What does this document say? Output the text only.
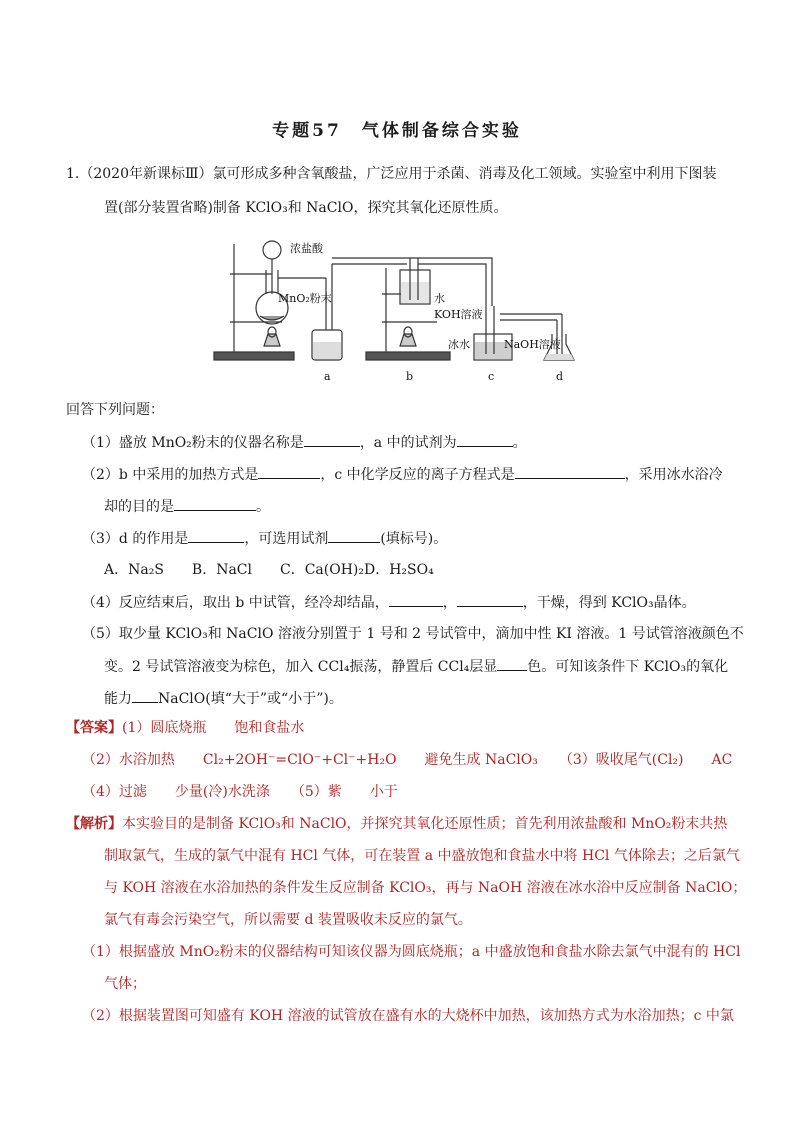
专题57　气体制备综合实验
1.（2020年新课标Ⅲ）氯可形成多种含氧酸盐，广泛应用于杀菌、消毒及化工领域。实验室中利用下图装
置(部分装置省略)制备 KClO₃和 NaClO，探究其氧化还原性质。
浓盐酸
MnO₂粉末	水
KOH溶液
冰水	NaOH溶液
a	b	c	d
回答下列问题：
（1）盛放 MnO₂粉末的仪器名称是	，a 中的试剂为	。
（2）b 中采用的加热方式是	，c 中化学反应的离子方程式是	，采用冰水浴冷
却的目的是	。
（3）d 的作用是	，可选用试剂	(填标号)。
A．Na₂S　　B．NaCl　　C．Ca(OH)₂D．H₂SO₄
（4）反应结束后，取出 b 中试管，经冷却结晶，	，	，干燥，得到 KClO₃晶体。
（5）取少量 KClO₃和 NaClO 溶液分别置于 1 号和 2 号试管中，滴加中性 KI 溶液。1 号试管溶液颜色不
变。2 号试管溶液变为棕色，加入 CCl₄振荡，静置后 CCl₄层显 色。可知该条件下 KClO₃的氧化
能力 NaClO(填“大于”或“小于”)。
【答案】(1）圆底烧瓶　　饱和食盐水
（2）水浴加热　　Cl₂+2OH⁻=ClO⁻+Cl⁻+H₂O　　避免生成 NaClO₃　　（3）吸收尾气(Cl₂)　　AC
（4）过滤　　少量(冷)水洗涤　　（5）紫　　小于
【解析】本实验目的是制备 KClO₃和 NaClO，并探究其氧化还原性质；首先利用浓盐酸和 MnO₂粉末共热
制取氯气，生成的氯气中混有 HCl 气体，可在装置 a 中盛放饱和食盐水中将 HCl 气体除去；之后氯气
与 KOH 溶液在水浴加热的条件发生反应制备 KClO₃，再与 NaOH 溶液在冰水浴中反应制备 NaClO；
氯气有毒会污染空气，所以需要 d 装置吸收未反应的氯气。
（1）根据盛放 MnO₂粉末的仪器结构可知该仪器为圆底烧瓶；a 中盛放饱和食盐水除去氯气中混有的 HCl
气体；
（2）根据装置图可知盛有 KOH 溶液的试管放在盛有水的大烧杯中加热，该加热方式为水浴加热；c 中氯
